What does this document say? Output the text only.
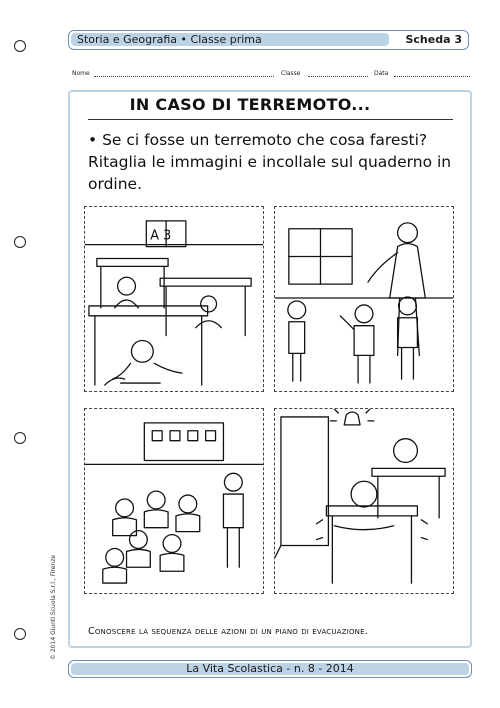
Storia e Geografia • Classe prima	Scheda 3
Nome	Classe	Data
IN CASO DI TERREMOTO...
• Se ci fosse un terremoto che cosa faresti? Ritaglia le immagini e incollale sul quaderno in ordine.
A 3
Conoscere la sequenza delle azioni di un piano di evacuazione.
© 2014 Giunti Scuola S.r.l., Firenze
La Vita Scolastica - n. 8 - 2014
